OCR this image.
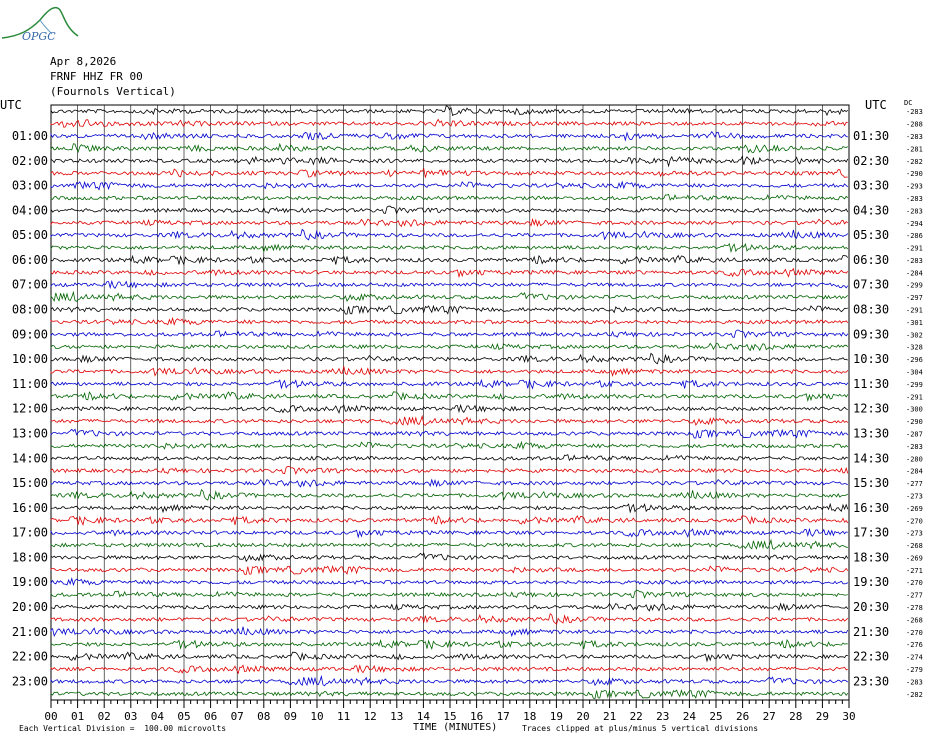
OPGC
Apr 8,2026
FRNF HHZ FR 00
(Fournols Vertical)
00 01 02 03 04 05 06 07 08 09 10 11 12 13 14 15 16 17 18 19 20 21 22 23 24 25 26 27 28 29 30
UTC	UTC DC
01:00	01:30
02:00	02:30
03:00	03:30
04:00	04:30
05:00	05:30
06:00	06:30
07:00	07:30
08:00	08:30
09:00	09:30
10:00	10:30
11:00	11:30
12:00	12:30
13:00	13:30
14:00	14:30
15:00	15:30
16:00	16:30
17:00	17:30
18:00	18:30
19:00	19:30
20:00	20:30
21:00	21:30
22:00	22:30
23:00	23:30
-283
-288
-283
-281
-282
-290
-293
-283
-283
-294
-286
-291
-283
-284
-299
-297
-291
-301
-302
-328
-296
-304
-299
-291
-300
-290
-287
-283
-280
-284
-277
-273
-269
-270
-273
-268
-269
-271
-270
-277
-278
-268
-270
-276
-274
-279
-283
-282
Each Vertical Division =  100.00 microvolts	TIME (MINUTES)	Traces clipped at plus/minus 5 vertical divisions
